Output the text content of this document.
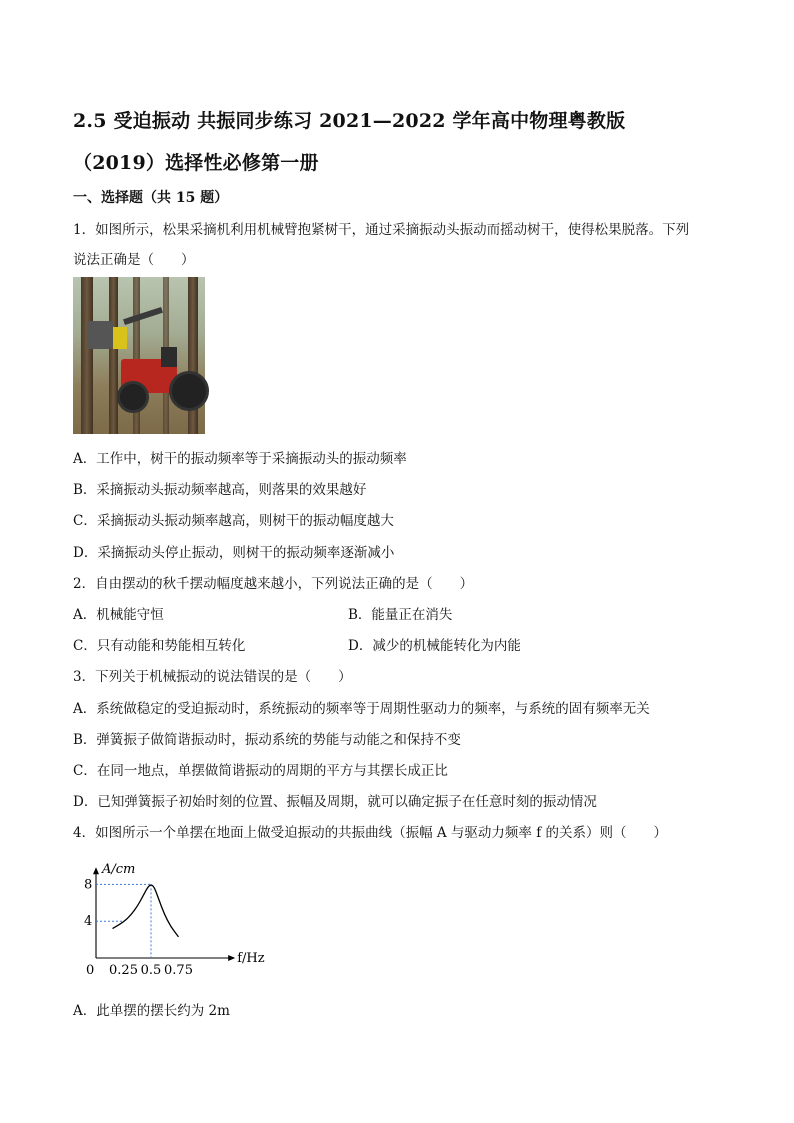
2.5 受迫振动 共振同步练习 2021—2022 学年高中物理粤教版
（2019）选择性必修第一册
一、选择题（共 15 题）
1．如图所示，松果采摘机利用机械臂抱紧树干，通过采摘振动头振动而摇动树干，使得松果脱落。下列
说法正确是（　　）
A．工作中，树干的振动频率等于采摘振动头的振动频率
B．采摘振动头振动频率越高，则落果的效果越好
C．采摘振动头振动频率越高，则树干的振动幅度越大
D．采摘振动头停止振动，则树干的振动频率逐渐减小
2．自由摆动的秋千摆动幅度越来越小，下列说法正确的是（　　）
A．机械能守恒	B．能量正在消失
C．只有动能和势能相互转化	D．减少的机械能转化为内能
3．下列关于机械振动的说法错误的是（　　）
A．系统做稳定的受迫振动时，系统振动的频率等于周期性驱动力的频率，与系统的固有频率无关
B．弹簧振子做简谐振动时，振动系统的势能与动能之和保持不变
C．在同一地点，单摆做简谐振动的周期的平方与其摆长成正比
D．已知弹簧振子初始时刻的位置、振幅及周期，就可以确定振子在任意时刻的振动情况
4．如图所示一个单摆在地面上做受迫振动的共振曲线（振幅 A 与驱动力频率 f 的关系）则（　　）
A/cm
f/Hz
0
4
8
0.25 0.5 0.75
A．此单摆的摆长约为 2m
